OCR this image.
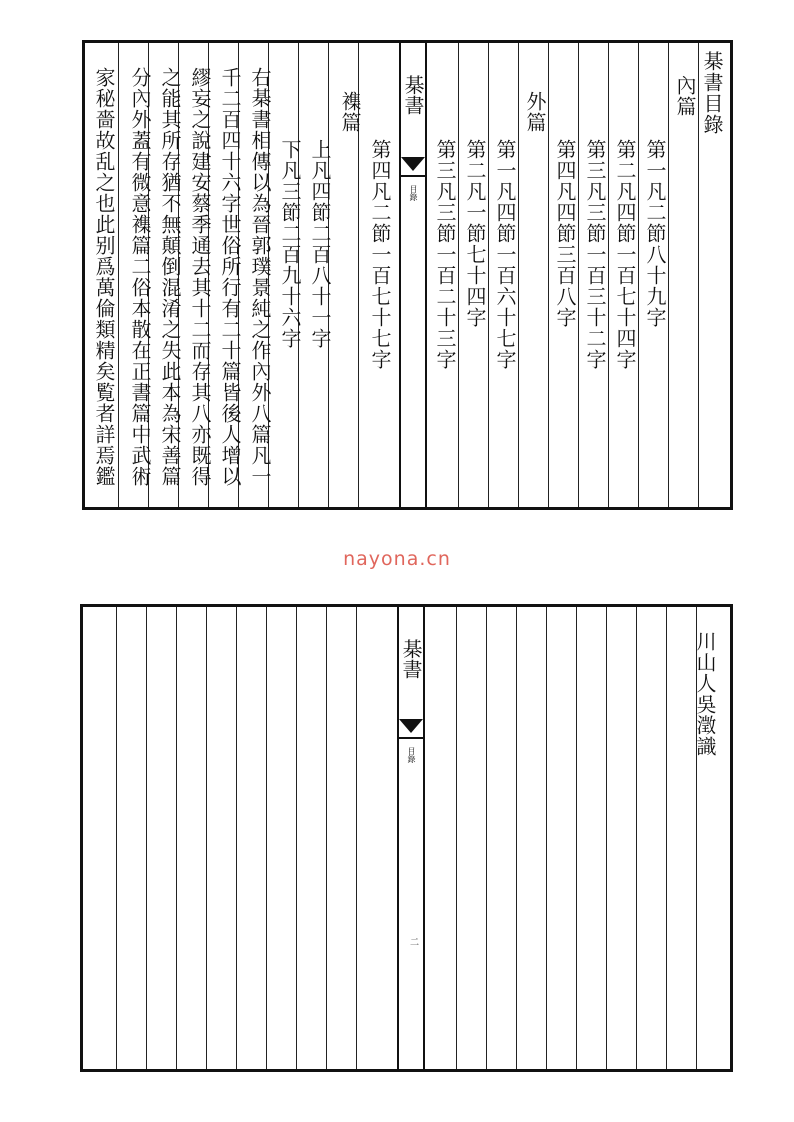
棊書
目錄
棊書目錄
內篇
第一凡二節八十九字
第二凡四節一百七十四字
第三凡三節一百三十二字
第四凡四節三百八字
外篇
第一凡四節一百六十七字
第二凡一節七十四字
第三凡三節一百二十三字
第四凡二節一百七十七字
襍篇
上凡四節二百八十一字
下凡三節二百九十六字
右棊書相傳以為晉郭璞景純之作內外八篇凡一
千二百四十六字世俗所行有二十篇皆後人增以
繆妄之說建安蔡季通去其十二而存其八亦既得
之能其所存猶不無顛倒混淆之失此本為宋善篇
分內外蓋有微意襍篇二俗本散在正書篇中武術
家秘嗇故乱之也此别爲萬倫類精矣覧者詳焉鑑
nayona.cn
棊書
目錄
二
川山人吳澂識
